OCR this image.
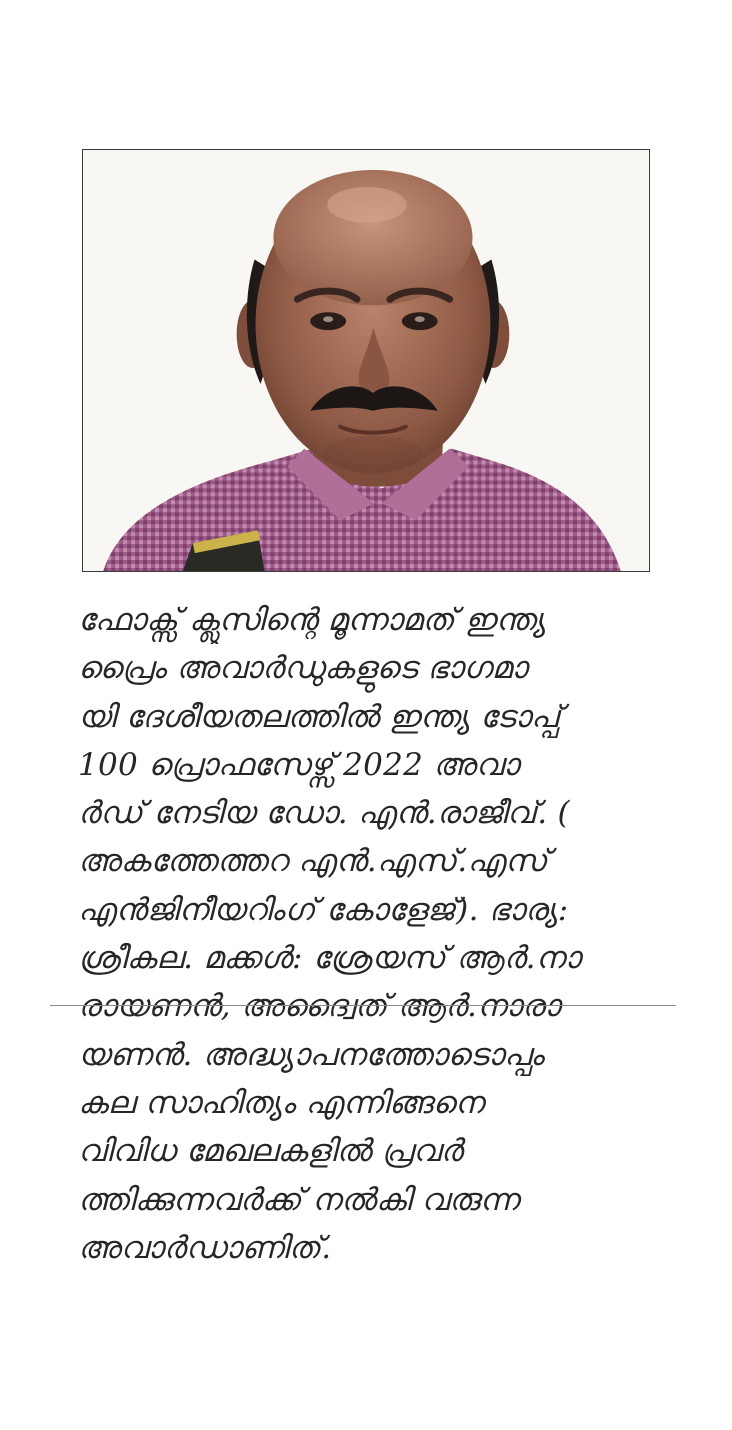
ഫോക്സ് ക്ലൂസിന്റെ മൂന്നാമത് ഇന്ത്യ
പ്രൈം അവാർഡുകളുടെ ഭാഗമാ
യി ദേശീയതലത്തിൽ ഇന്ത്യ ടോപ്പ്
100 പ്രൊഫസേഴ്സ് 2022 അവാ
ർഡ് നേടിയ ഡോ. എൻ.രാജീവ്. (
അകത്തേത്തറ എൻ.എസ്.എസ്
എൻജിനീയറിംഗ് കോളേജ്). ഭാര്യ:
ശ്രീകല. മക്കൾ: ശ്രേയസ് ആർ.നാ
രായണൻ, അദ്വൈത് ആർ.നാരാ
യണൻ. അദ്ധ്യാപനത്തോടൊപ്പം
കല സാഹിത്യം എന്നിങ്ങനെ
വിവിധ മേഖലകളിൽ പ്രവർ
ത്തിക്കുന്നവർക്ക് നൽകി വരുന്ന
അവാർഡാണിത്.
